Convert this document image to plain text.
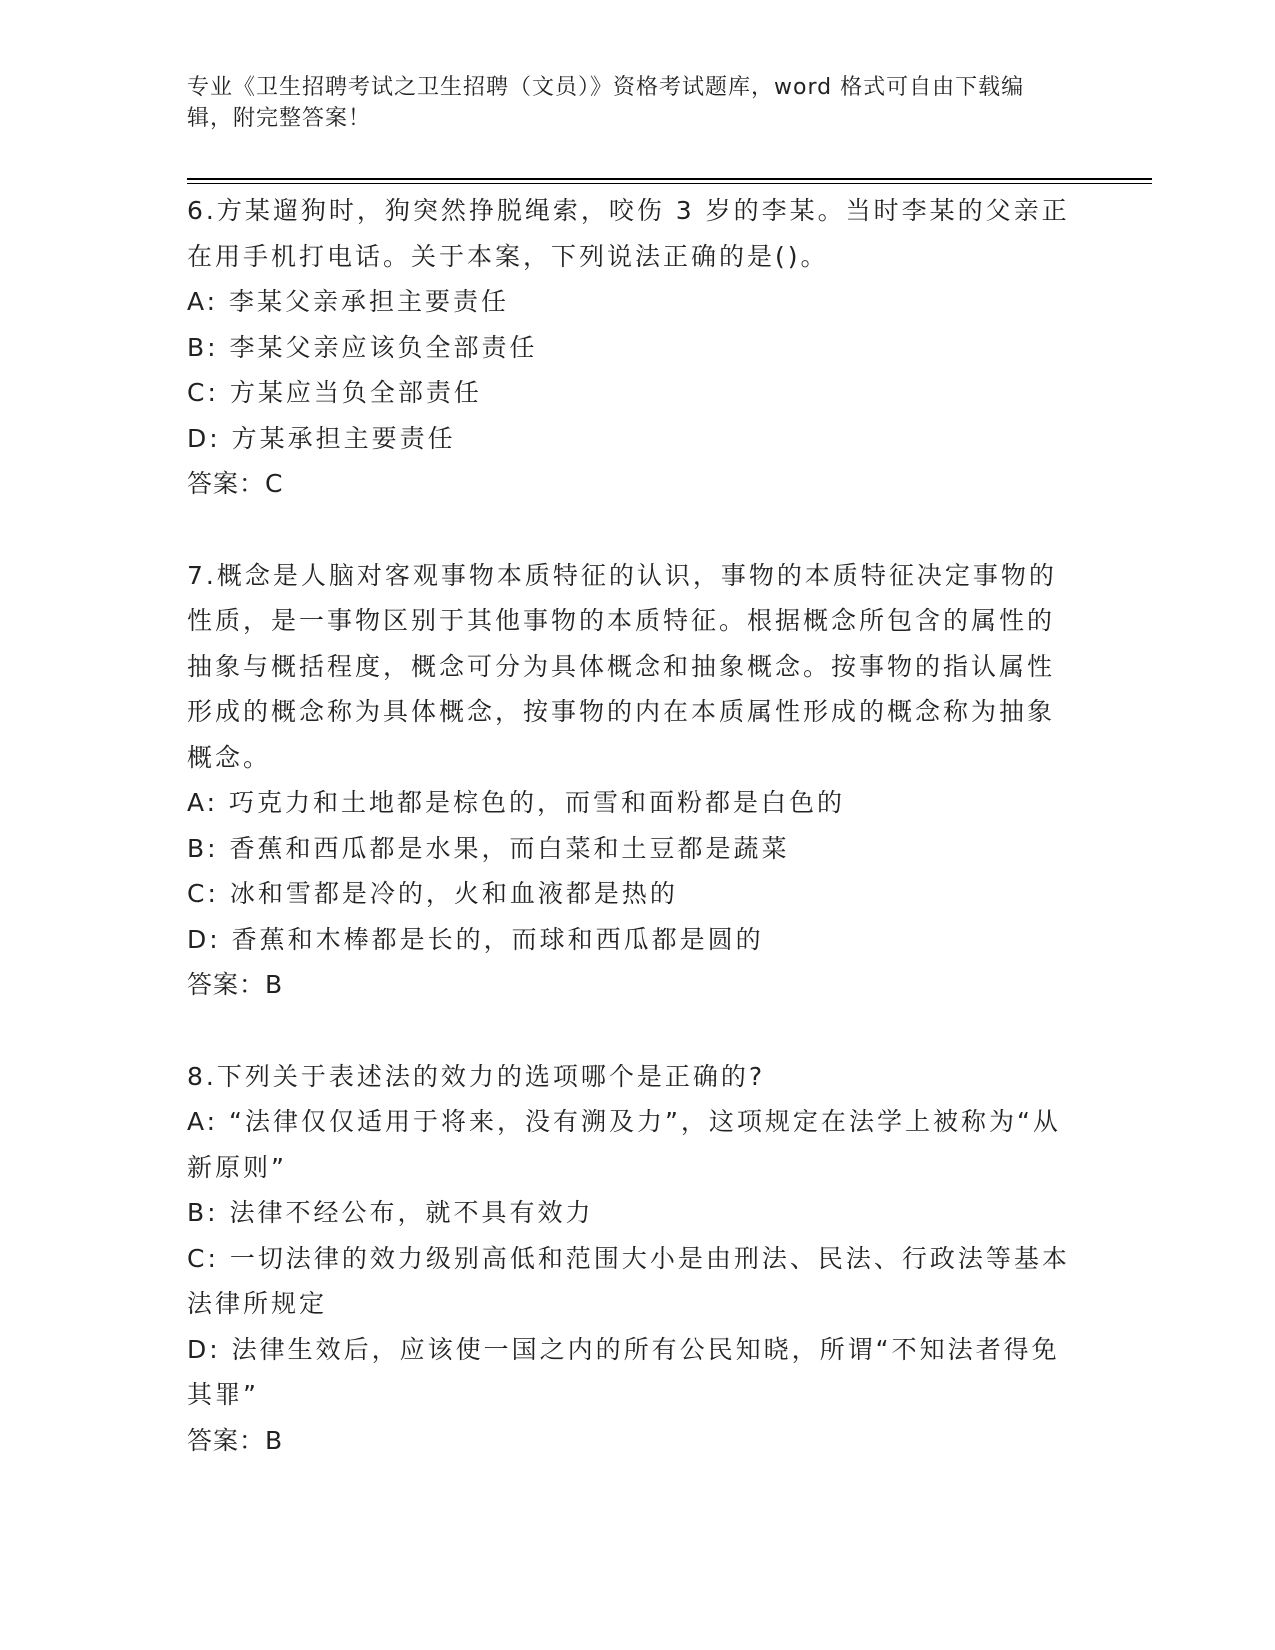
专业《卫生招聘考试之卫生招聘（文员）》资格考试题库，word 格式可自由下载编辑，附完整答案！

6.方某遛狗时，狗突然挣脱绳索，咬伤 3 岁的李某。当时李某的父亲正在用手机打电话。关于本案，下列说法正确的是()。

A: 李某父亲承担主要责任

B: 李某父亲应该负全部责任

C: 方某应当负全部责任

D: 方某承担主要责任

答案：C

7.概念是人脑对客观事物本质特征的认识，事物的本质特征决定事物的性质，是一事物区别于其他事物的本质特征。根据概念所包含的属性的抽象与概括程度，概念可分为具体概念和抽象概念。按事物的指认属性形成的概念称为具体概念，按事物的内在本质属性形成的概念称为抽象概念。

A: 巧克力和土地都是棕色的，而雪和面粉都是白色的

B: 香蕉和西瓜都是水果，而白菜和土豆都是蔬菜

C: 冰和雪都是冷的，火和血液都是热的

D: 香蕉和木棒都是长的，而球和西瓜都是圆的

答案：B

8.下列关于表述法的效力的选项哪个是正确的?

A: “法律仅仅适用于将来，没有溯及力”，这项规定在法学上被称为“从新原则”

B: 法律不经公布，就不具有效力

C: 一切法律的效力级别高低和范围大小是由刑法、民法、行政法等基本法律所规定

D: 法律生效后，应该使一国之内的所有公民知晓，所谓“不知法者得免其罪”

答案：B
